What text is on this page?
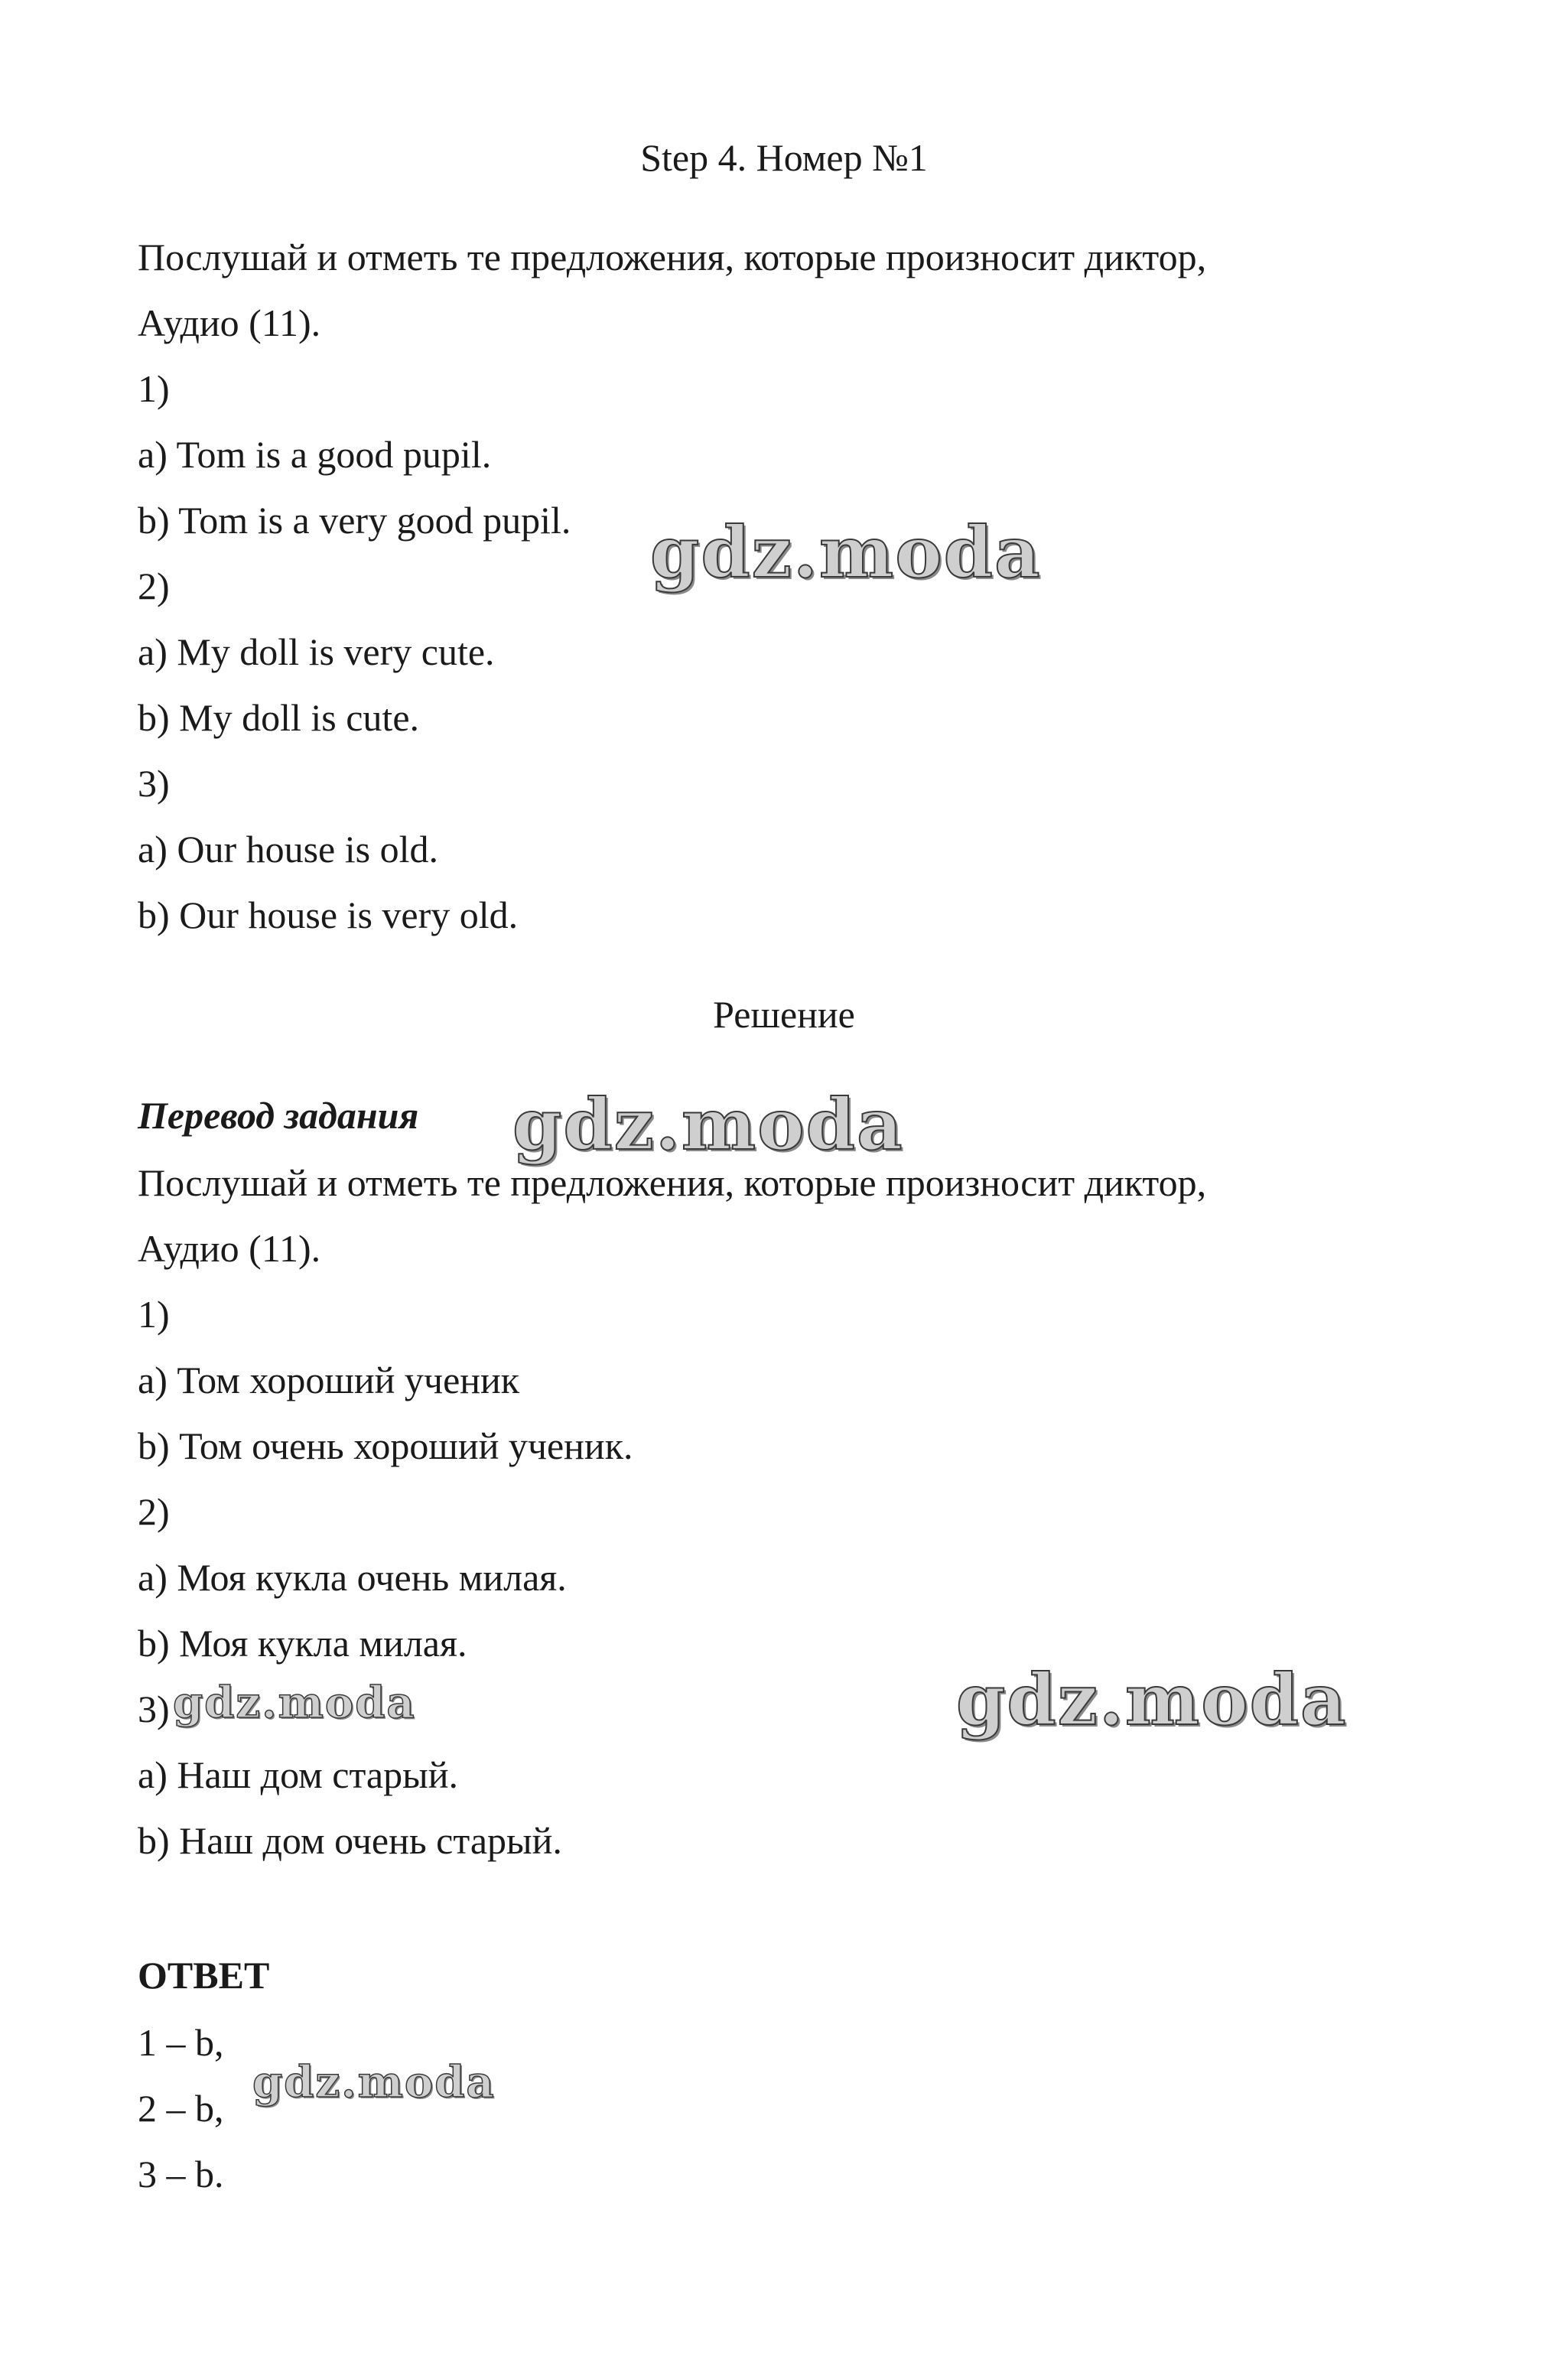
Step 4. Номер №1
Послушай и отметь те предложения, которые произносит диктор,
Аудио (11).
1)
a) Tom is a good pupil.
b) Tom is a very good pupil.
2)
a) My doll is very cute.
b) My doll is cute.
3)
a) Our house is old.
b) Our house is very old.
Решение
Перевод задания
Послушай и отметь те предложения, которые произносит диктор,
Аудио (11).
1)
a) Том хороший ученик
b) Том очень хороший ученик.
2)
a) Моя кукла очень милая.
b) Моя кукла милая.
3)
a) Наш дом старый.
b) Наш дом очень старый.
ОТВЕТ
1 – b,
2 – b,
3 – b.
gdz.moda
gdz.moda
gdz.moda
gdz.moda
gdz.moda
